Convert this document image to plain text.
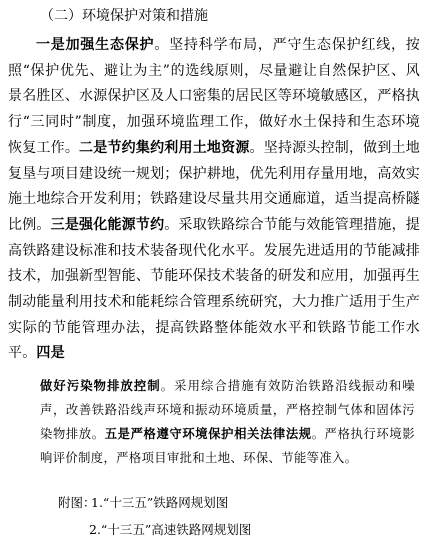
（二）环境保护对策和措施

一是加强生态保护。坚持科学布局，严守生态保护红线，按照“保护优先、避让为主”的选线原则，尽量避让自然保护区、风景名胜区、水源保护区及人口密集的居民区等环境敏感区，严格执行“三同时”制度，加强环境监理工作，做好水土保持和生态环境恢复工作。二是节约集约利用土地资源。坚持源头控制，做到土地复垦与项目建设统一规划；保护耕地，优先利用存量用地，高效实施土地综合开发利用；铁路建设尽量共用交通廊道，适当提高桥隧比例。三是强化能源节约。采取铁路综合节能与效能管理措施，提高铁路建设标准和技术装备现代化水平。发展先进适用的节能减排技术，加强新型智能、节能环保技术装备的研发和应用，加强再生制动能量利用技术和能耗综合管理系统研究，大力推广适用于生产实际的节能管理办法，提高铁路整体能效水平和铁路节能工作水平。四是

做好污染物排放控制。采用综合措施有效防治铁路沿线振动和噪声，改善铁路沿线声环境和振动环境质量，严格控制气体和固体污染物排放。五是严格遵守环境保护相关法律法规。严格执行环境影响评价制度，严格项目审批和土地、环保、节能等准入。

附图：1.“十三五”铁路网规划图
2.“十三五”高速铁路网规划图
